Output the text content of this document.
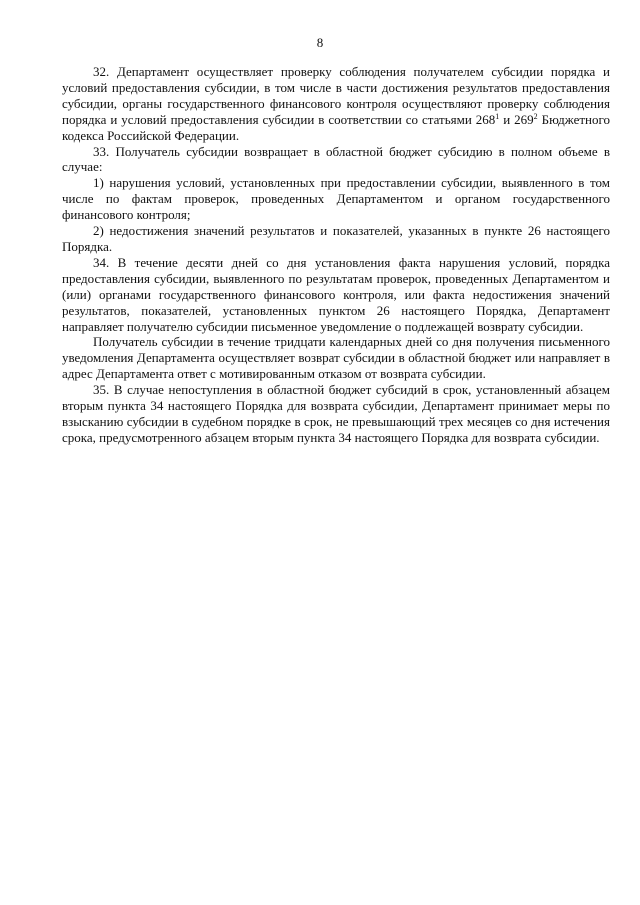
8

32. Департамент осуществляет проверку соблюдения получателем субсидии порядка и условий предоставления субсидии, в том числе в части достижения результатов предоставления субсидии, органы государственного финансового контроля осуществляют проверку соблюдения порядка и условий предоставления субсидии в соответствии со статьями $268^1$ и $269^2$ Бюджетного кодекса Российской Федерации.

33. Получатель субсидии возвращает в областной бюджет субсидию в полном объеме в случае:

1) нарушения условий, установленных при предоставлении субсидии, выявленного в том числе по фактам проверок, проведенных Департаментом и органом государственного финансового контроля;

2) недостижения значений результатов и показателей, указанных в пункте 26 настоящего Порядка.

34. В течение десяти дней со дня установления факта нарушения условий, порядка предоставления субсидии, выявленного по результатам проверок, проведенных Департаментом и (или) органами государственного финансового контроля, или факта недостижения значений результатов, показателей, установленных пунктом 26 настоящего Порядка, Департамент направляет получателю субсидии письменное уведомление о подлежащей возврату субсидии.

Получатель субсидии в течение тридцати календарных дней со дня получения письменного уведомления Департамента осуществляет возврат субсидии в областной бюджет или направляет в адрес Департамента ответ с мотивированным отказом от возврата субсидии.

35. В случае непоступления в областной бюджет субсидий в срок, установленный абзацем вторым пункта 34 настоящего Порядка для возврата субсидии, Департамент принимает меры по взысканию субсидии в судебном порядке в срок, не превышающий трех месяцев со дня истечения срока, предусмотренного абзацем вторым пункта 34 настоящего Порядка для возврата субсидии.
